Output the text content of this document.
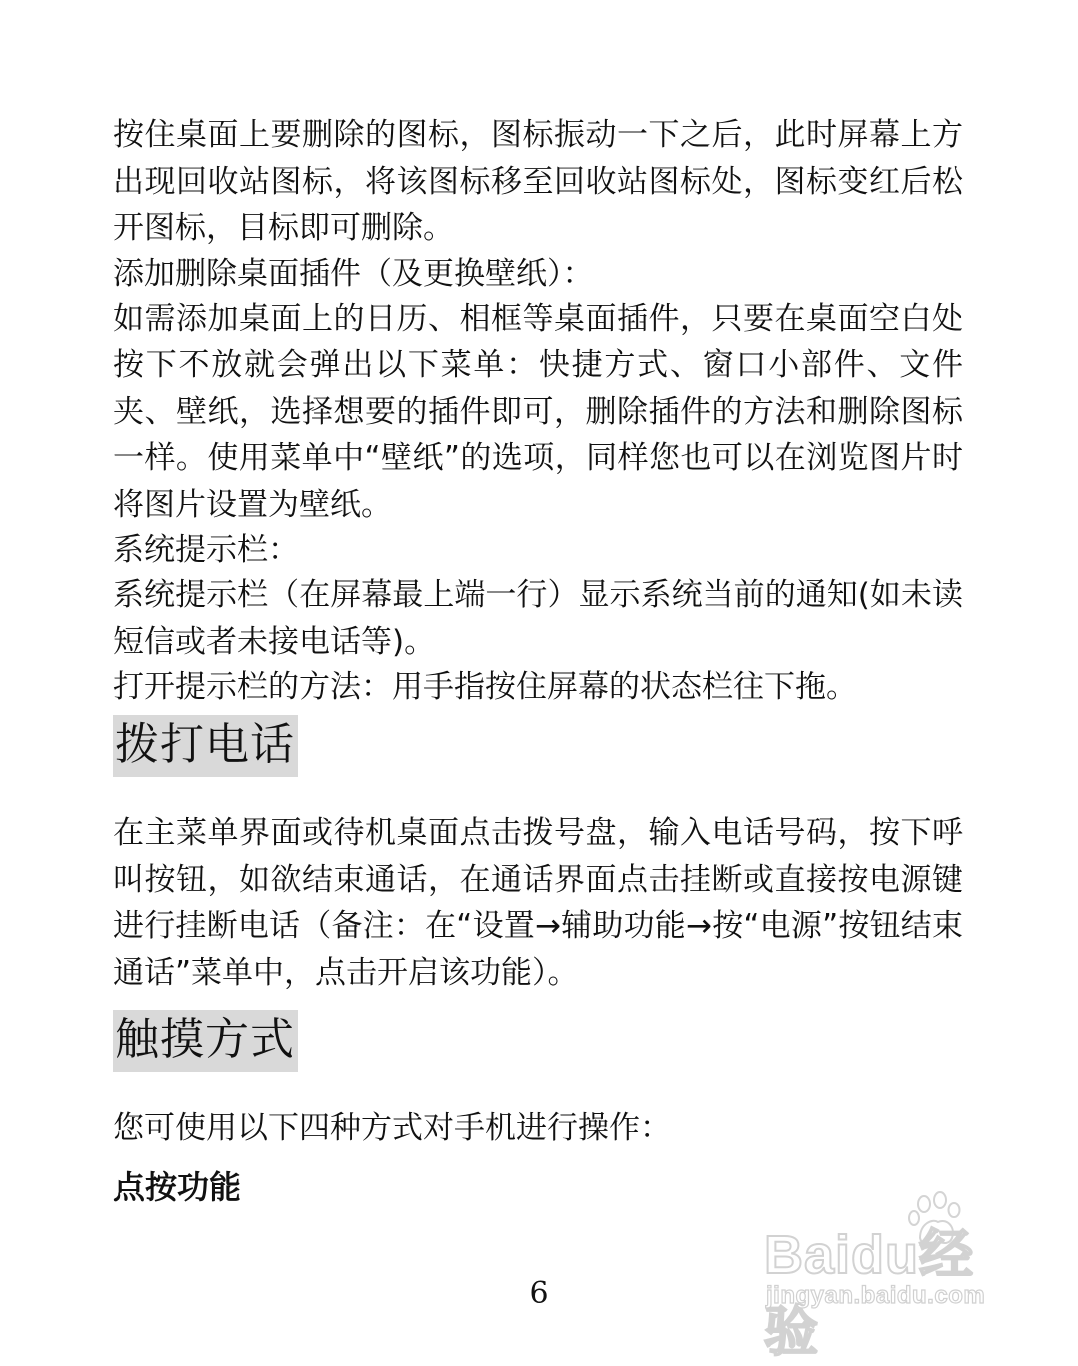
按住桌面上要删除的图标，图标振动一下之后，此时屏幕上方出现回收站图标，将该图标移至回收站图标处，图标变红后松开图标，目标即可删除。

添加删除桌面插件（及更换壁纸）：

如需添加桌面上的日历、相框等桌面插件，只要在桌面空白处按下不放就会弹出以下菜单：快捷方式、窗口小部件、文件夹、壁纸，选择想要的插件即可，删除插件的方法和删除图标一样。使用菜单中“壁纸”的选项，同样您也可以在浏览图片时将图片设置为壁纸。

系统提示栏：

系统提示栏（在屏幕最上端一行）显示系统当前的通知(如未读短信或者未接电话等)。

打开提示栏的方法：用手指按住屏幕的状态栏往下拖。

拨打电话

在主菜单界面或待机桌面点击拨号盘，输入电话号码，按下呼叫按钮，如欲结束通话，在通话界面点击挂断或直接按电源键进行挂断电话（备注：在“设置→辅助功能→按“电源”按钮结束通话”菜单中，点击开启该功能）。

触摸方式

您可使用以下四种方式对手机进行操作：

点按功能

6
Baidu经验
jingyan.baidu.com
